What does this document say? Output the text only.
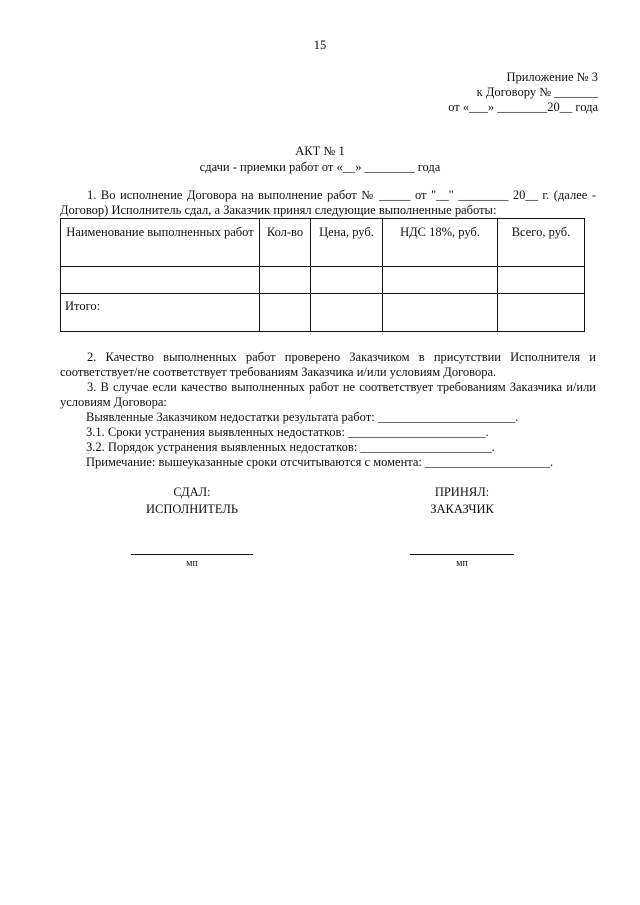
15
Приложение № 3
к Договору № _______
от «___» ________20__ года
АКТ № 1
сдачи - приемки работ от «__» ________ года
1. Во исполнение Договора на выполнение работ № _____ от "__" ________ 20__ г. (далее - Договор) Исполнитель сдал, а Заказчик принял следующие выполненные работы:
Наименование выполненных работ	Кол-во	Цена, руб.	НДС 18%, руб.	Всего, руб.

Итого:				
2. Качество выполненных работ проверено Заказчиком в присутствии Исполнителя и соответствует/не соответствует требованиям Заказчика и/или условиям Договора.
3. В случае если качество выполненных работ не соответствует требованиям Заказчика и/или условиям Договора:
Выявленные Заказчиком недостатки результата работ: ______________________.
3.1. Сроки устранения выявленных недостатков: ______________________.
3.2. Порядок устранения выявленных недостатков: _____________________.
Примечание: вышеуказанные сроки отсчитываются с момента: ____________________.
СДАЛ:
ИСПОЛНИТЕЛЬ
ПРИНЯЛ:
ЗАКАЗЧИК
мп	мп
